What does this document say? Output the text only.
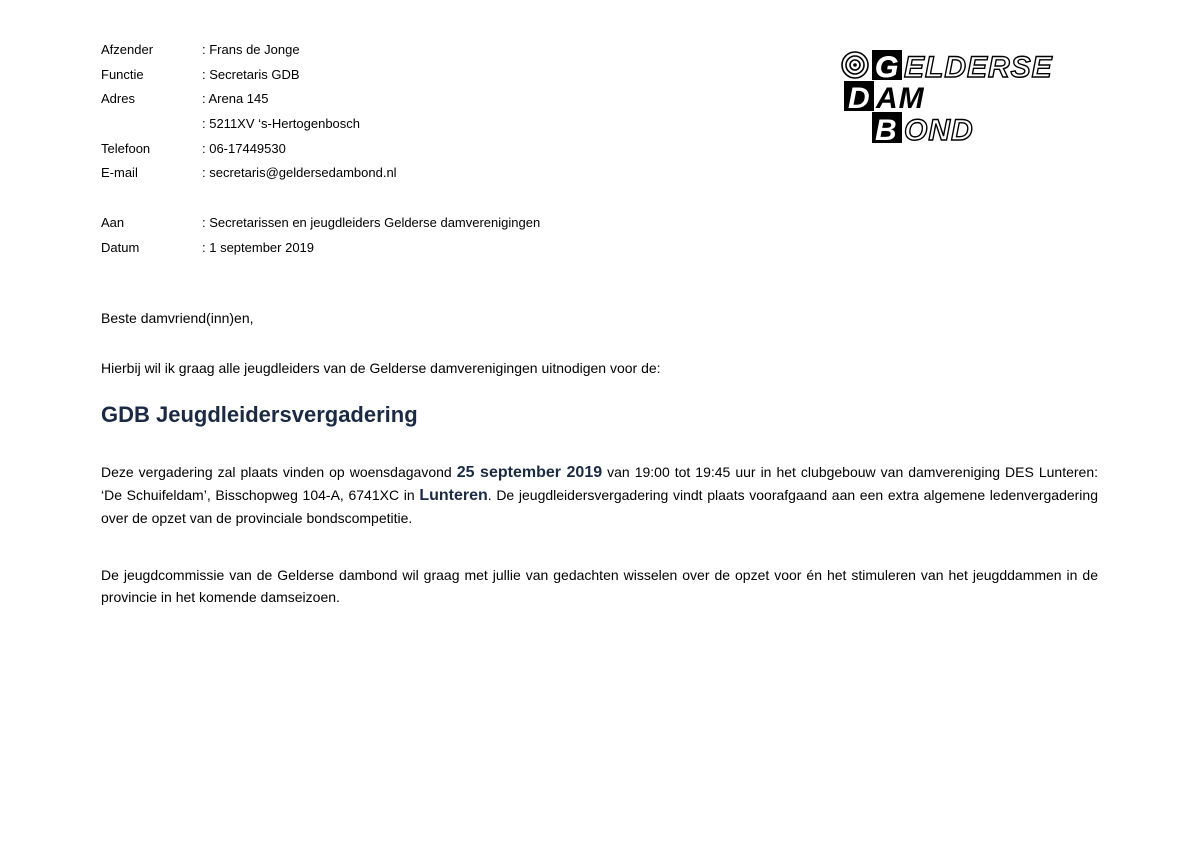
Afzender	: Frans de Jonge
Functie	: Secretaris GDB
Adres	: Arena 145
: 5211XV ‘s-Hertogenbosch
Telefoon	: 06-17449530
E-mail	: secretaris@geldersedambond.nl
Aan	: Secretarissen en jeugdleiders Gelderse damverenigingen
Datum	: 1 september 2019
G ELDERSE
D AM
B OND
Beste damvriend(inn)en,
Hierbij wil ik graag alle jeugdleiders van de Gelderse damverenigingen uitnodigen voor de:
GDB Jeugdleidersvergadering

Deze vergadering zal plaats vinden op woensdagavond 25 september 2019 van 19:00 tot 19:45 uur in het clubgebouw van damvereniging DES Lunteren: ‘De Schuifeldam’, Bisschopweg 104-A, 6741XC in Lunteren. De jeugdleidersvergadering vindt plaats voorafgaand aan een extra algemene ledenvergadering over de opzet van de provinciale bondscompetitie.

De jeugdcommissie van de Gelderse dambond wil graag met jullie van gedachten wisselen over de opzet voor én het stimuleren van het jeugddammen in de provincie in het komende damseizoen.
